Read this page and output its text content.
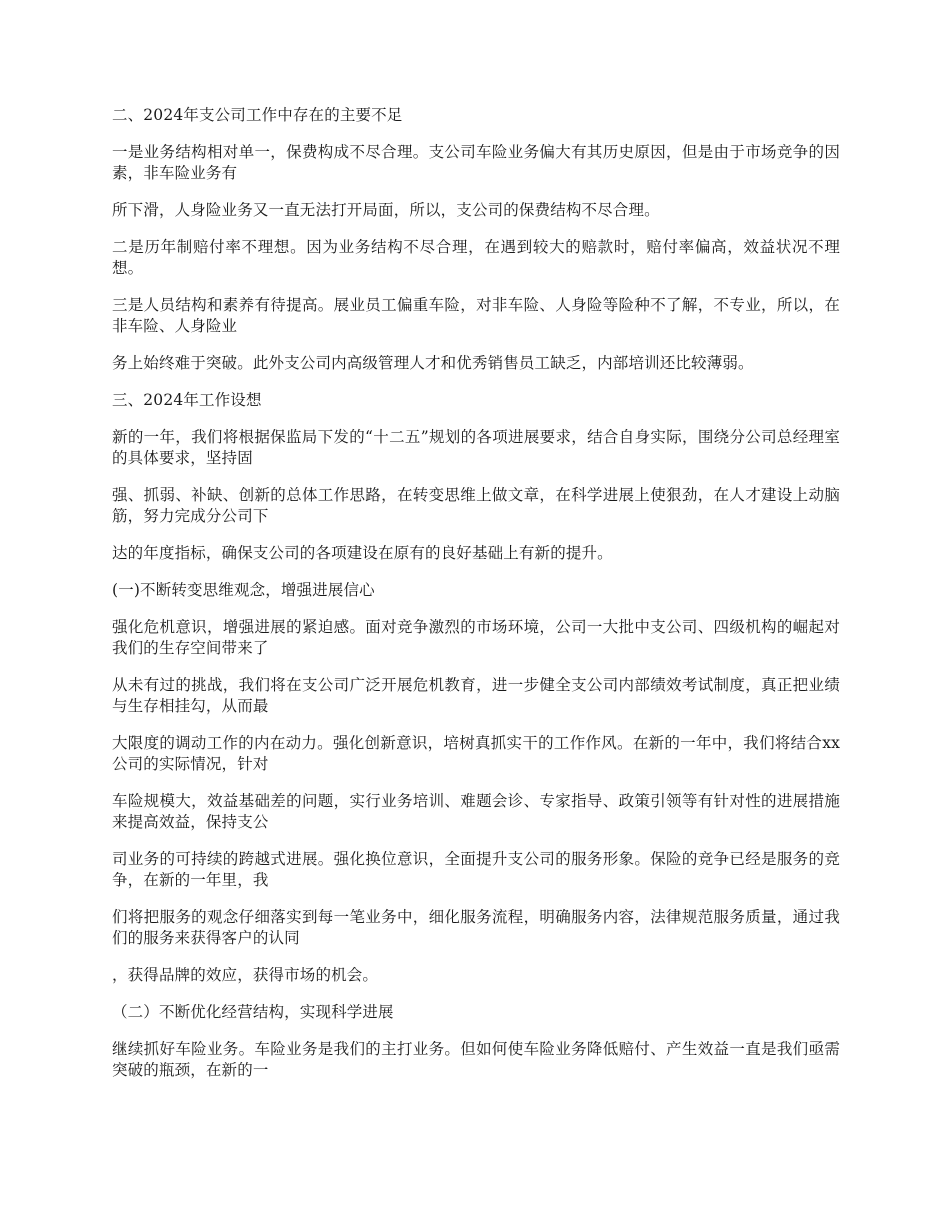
二、2024年支公司工作中存在的主要不足

一是业务结构相对单一，保费构成不尽合理。支公司车险业务偏大有其历史原因，但是由于市场竞争的因素，非车险业务有

所下滑，人身险业务又一直无法打开局面，所以，支公司的保费结构不尽合理。

二是历年制赔付率不理想。因为业务结构不尽合理，在遇到较大的赔款时，赔付率偏高，效益状况不理想。

三是人员结构和素养有待提高。展业员工偏重车险，对非车险、人身险等险种不了解，不专业，所以，在非车险、人身险业

务上始终难于突破。此外支公司内高级管理人才和优秀销售员工缺乏，内部培训还比较薄弱。

三、2024年工作设想

新的一年，我们将根据保监局下发的“十二五”规划的各项进展要求，结合自身实际，围绕分公司总经理室的具体要求，坚持固

强、抓弱、补缺、创新的总体工作思路，在转变思维上做文章，在科学进展上使狠劲，在人才建设上动脑筋，努力完成分公司下

达的年度指标，确保支公司的各项建设在原有的良好基础上有新的提升。

(一)不断转变思维观念，增强进展信心

强化危机意识，增强进展的紧迫感。面对竞争激烈的市场环境，公司一大批中支公司、四级机构的崛起对我们的生存空间带来了

从未有过的挑战，我们将在支公司广泛开展危机教育，进一步健全支公司内部绩效考试制度，真正把业绩与生存相挂勾，从而最

大限度的调动工作的内在动力。强化创新意识，培树真抓实干的工作作风。在新的一年中，我们将结合xx公司的实际情况，针对

车险规模大，效益基础差的问题，实行业务培训、难题会诊、专家指导、政策引领等有针对性的进展措施来提高效益，保持支公

司业务的可持续的跨越式进展。强化换位意识，全面提升支公司的服务形象。保险的竞争已经是服务的竞争，在新的一年里，我

们将把服务的观念仔细落实到每一笔业务中，细化服务流程，明确服务内容，法律规范服务质量，通过我们的服务来获得客户的认同

，获得品牌的效应，获得市场的机会。

（二）不断优化经营结构，实现科学进展

继续抓好车险业务。车险业务是我们的主打业务。但如何使车险业务降低赔付、产生效益一直是我们亟需突破的瓶颈，在新的一
